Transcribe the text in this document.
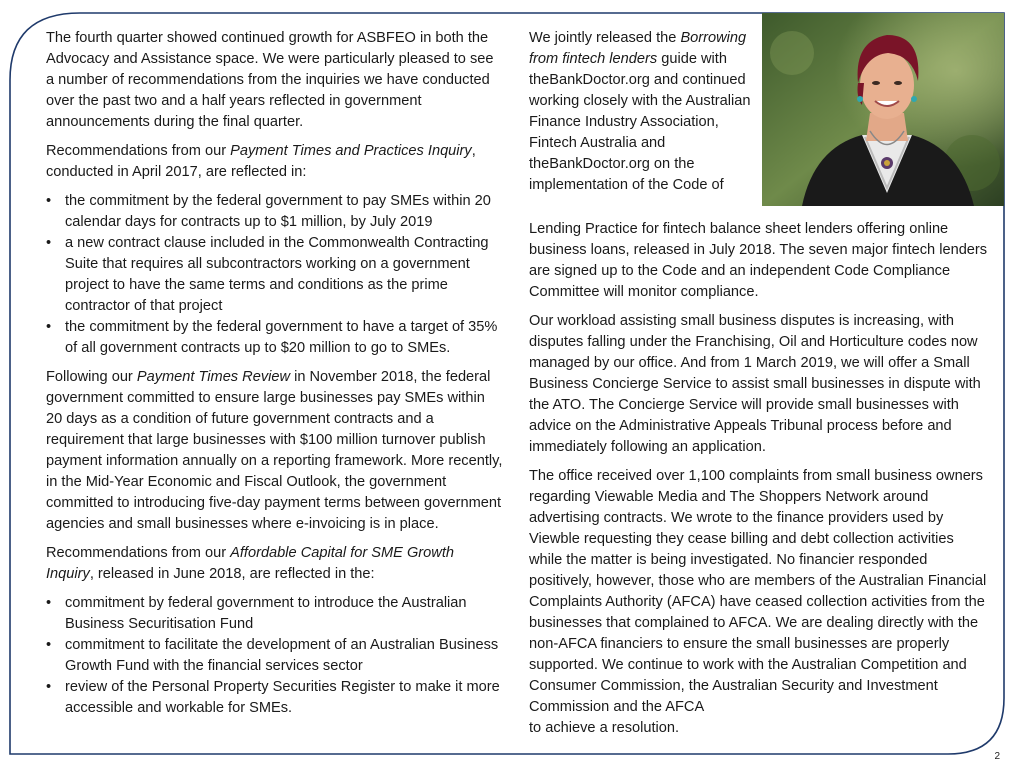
The fourth quarter showed continued growth for ASBFEO in both the Advocacy and Assistance space. We were particularly pleased to see a number of recommendations from the inquiries we have conducted over the past two and a half years reflected in government announcements during the final quarter.

Recommendations from our Payment Times and Practices Inquiry, conducted in April 2017, are reflected in:

• the commitment by the federal government to pay SMEs within 20 calendar days for contracts up to $1 million, by July 2019
• a new contract clause included in the Commonwealth Contracting Suite that requires all subcontractors working on a government project to have the same terms and conditions as the prime contractor of that project
• the commitment by the federal government to have a target of 35% of all government contracts up to $20 million to go to SMEs.

Following our Payment Times Review in November 2018, the federal government committed to ensure large businesses pay SMEs within 20 days as a condition of future government contracts and a requirement that large businesses with $100 million turnover publish payment information annually on a reporting framework. More recently, in the Mid-Year Economic and Fiscal Outlook, the government committed to introducing five-day payment terms between government agencies and small businesses where e-invoicing is in place.

Recommendations from our Affordable Capital for SME Growth Inquiry, released in June 2018, are reflected in the:

• commitment by federal government to introduce the Australian Business Securitisation Fund
• commitment to facilitate the development of an Australian Business Growth Fund with the financial services sector
• review of the Personal Property Securities Register to make it more accessible and workable for SMEs.

We jointly released the Borrowing from fintech lenders guide with theBankDoctor.org and continued working closely with the Australian Finance Industry Association, Fintech Australia and theBankDoctor.org on the implementation of the Code of

Lending Practice for fintech balance sheet lenders offering online business loans, released in July 2018. The seven major fintech lenders are signed up to the Code and an independent Code Compliance Committee will monitor compliance.

Our workload assisting small business disputes is increasing, with disputes falling under the Franchising, Oil and Horticulture codes now managed by our office. And from 1 March 2019, we will offer a Small Business Concierge Service to assist small businesses in dispute with the ATO. The Concierge Service will provide small businesses with advice on the Administrative Appeals Tribunal process before and immediately following an application.

The office received over 1,100 complaints from small business owners regarding Viewable Media and The Shoppers Network around advertising contracts. We wrote to the finance providers used by Viewble requesting they cease billing and debt collection activities while the matter is being investigated. No financier responded positively, however, those who are members of the Australian Financial Complaints Authority (AFCA) have ceased collection activities from the businesses that complained to AFCA. We are dealing directly with the non-AFCA financiers to ensure the small businesses are properly supported. We continue to work with the Australian Competition and Consumer Commission, the Australian Security and Investment Commission and the AFCA
to achieve a resolution.

2
